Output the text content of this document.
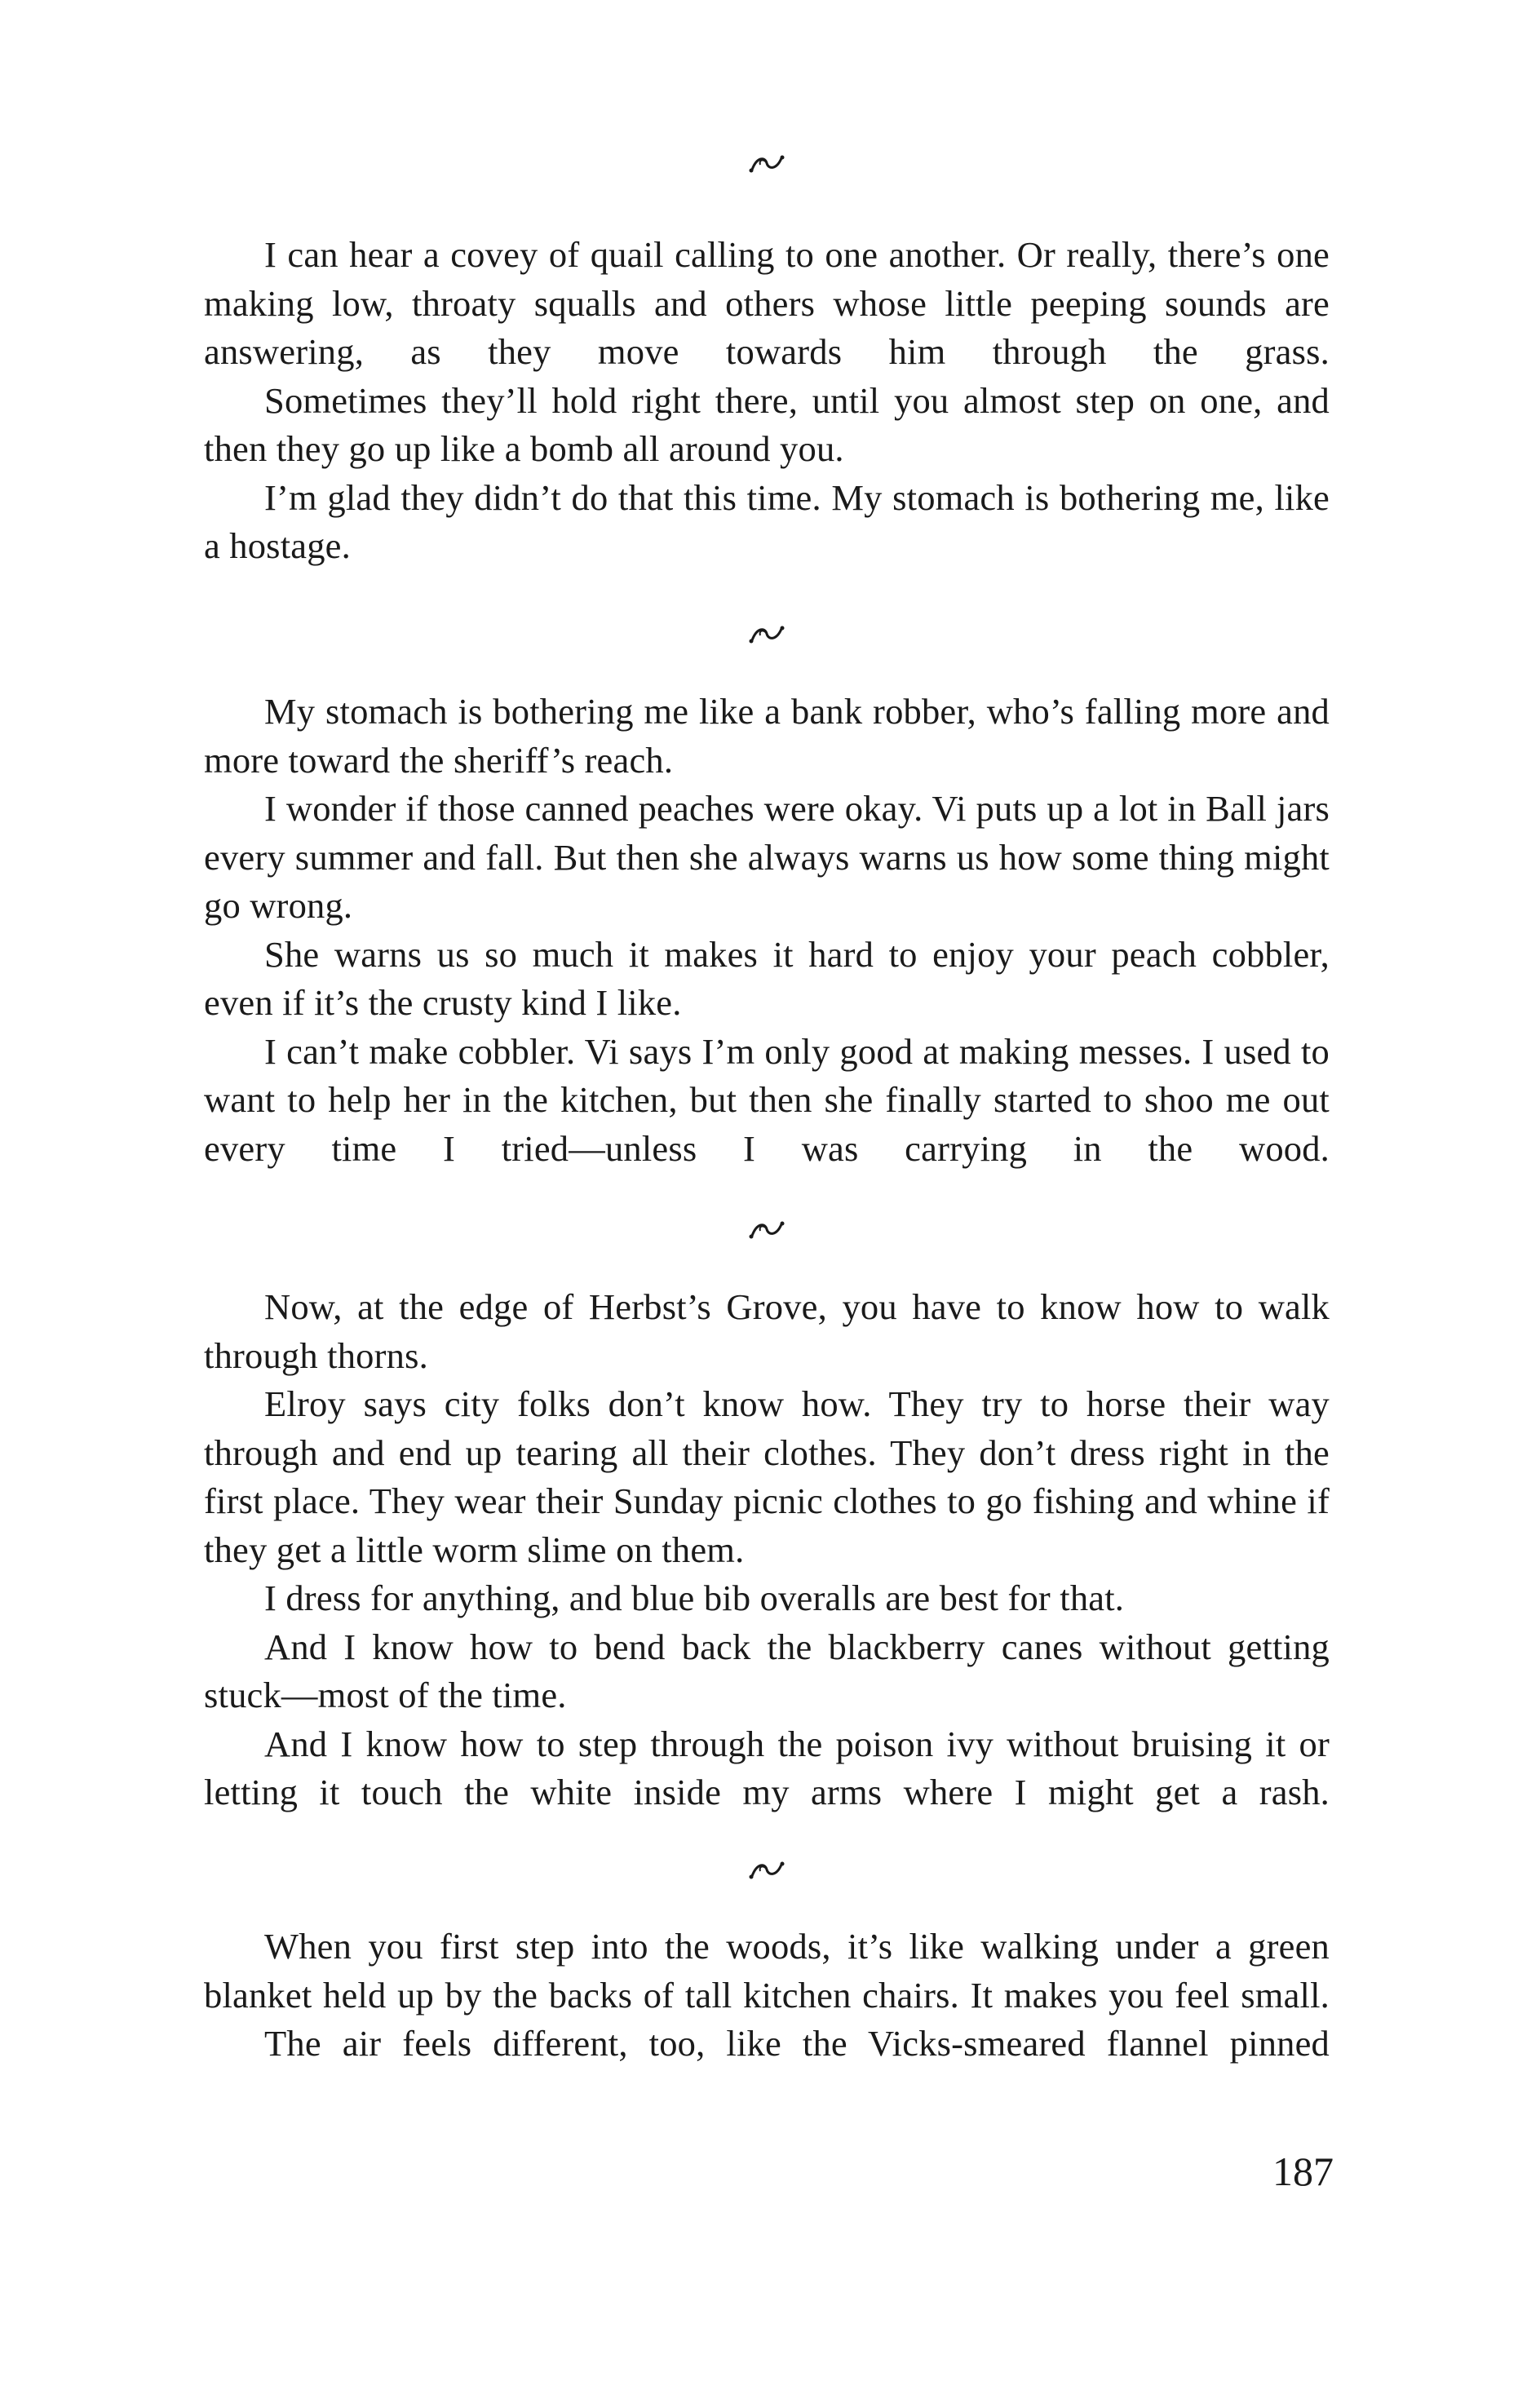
I can hear a covey of quail calling to one another. Or really, there’s one making low, throaty squalls and others whose little peeping sounds are answering, as they move towards him through the grass.

Sometimes they’ll hold right there, until you almost step on one, and then they go up like a bomb all around you.

I’m glad they didn’t do that this time. My stomach is bothering me, like a hostage.

My stomach is bothering me like a bank robber, who’s falling more and more toward the sheriff’s reach.

I wonder if those canned peaches were okay. Vi puts up a lot in Ball jars every summer and fall. But then she always warns us how some thing might go wrong.

She warns us so much it makes it hard to enjoy your peach cobbler, even if it’s the crusty kind I like.

I can’t make cobbler. Vi says I’m only good at making messes. I used to want to help her in the kitchen, but then she finally started to shoo me out every time I tried—unless I was carrying in the wood.

Now, at the edge of Herbst’s Grove, you have to know how to walk through thorns.

Elroy says city folks don’t know how. They try to horse their way through and end up tearing all their clothes. They don’t dress right in the first place. They wear their Sunday picnic clothes to go fishing and whine if they get a little worm slime on them.

I dress for anything, and blue bib overalls are best for that.

And I know how to bend back the blackberry canes without getting stuck—most of the time.

And I know how to step through the poison ivy without bruising it or letting it touch the white inside my arms where I might get a rash.

When you first step into the woods, it’s like walking under a green blanket held up by the backs of tall kitchen chairs. It makes you feel small.

The air feels different, too, like the Vicks-smeared flannel pinned

187
